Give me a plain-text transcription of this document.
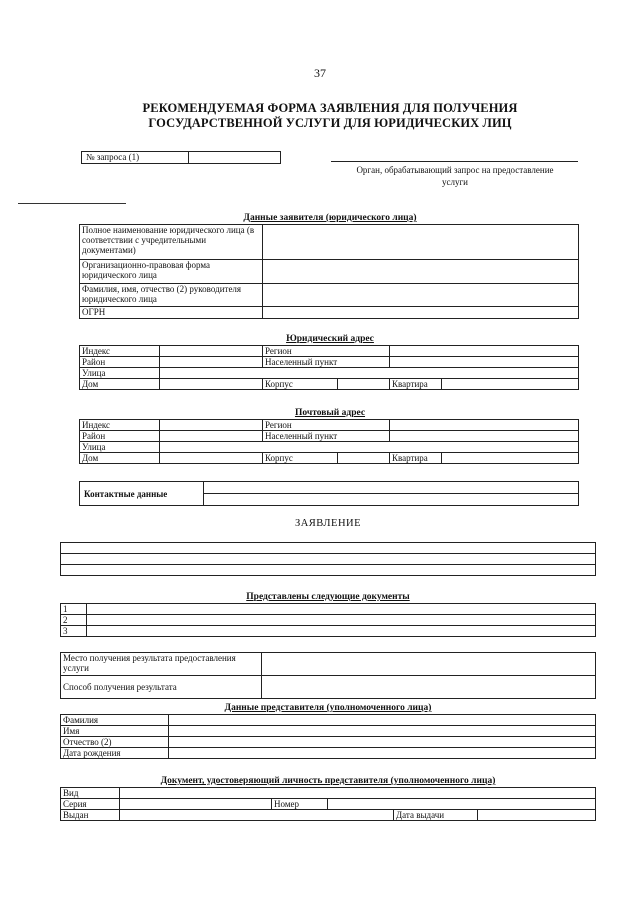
37
РЕКОМЕНДУЕМАЯ ФОРМА ЗАЯВЛЕНИЯ ДЛЯ ПОЛУЧЕНИЯ
ГОСУДАРСТВЕННОЙ УСЛУГИ ДЛЯ ЮРИДИЧЕСКИХ ЛИЦ
№ запроса (1)
Орган, обрабатывающий запрос на предоставление
услуги
Данные заявителя (юридического лица)
Полное наименование юридического лица (в соответствии с учредительными документами)	
Организационно-правовая форма юридического лица	
Фамилия, имя, отчество (2) руководителя юридического лица	
ОГРН	
Юридический адрес
Индекс		Регион			
Район		Населенный пункт			
Улица					
Дом		Корпус		Квартира	
Почтовый адрес
Индекс		Регион			
Район		Населенный пункт			
Улица					
Дом		Корпус		Квартира	
Контактные данные	

ЗАЯВЛЕНИЕ

Представлены следующие документы
1	
2	
3	
Место получения результата предоставления услуги	
Способ получения результата	
Данные представителя (уполномоченного лица)
Фамилия	
Имя	
Отчество (2)	
Дата рождения	
Документ, удостоверяющий личность представителя (уполномоченного лица)
Вид					
Серия		Номер			
Выдан				Дата выдачи	
